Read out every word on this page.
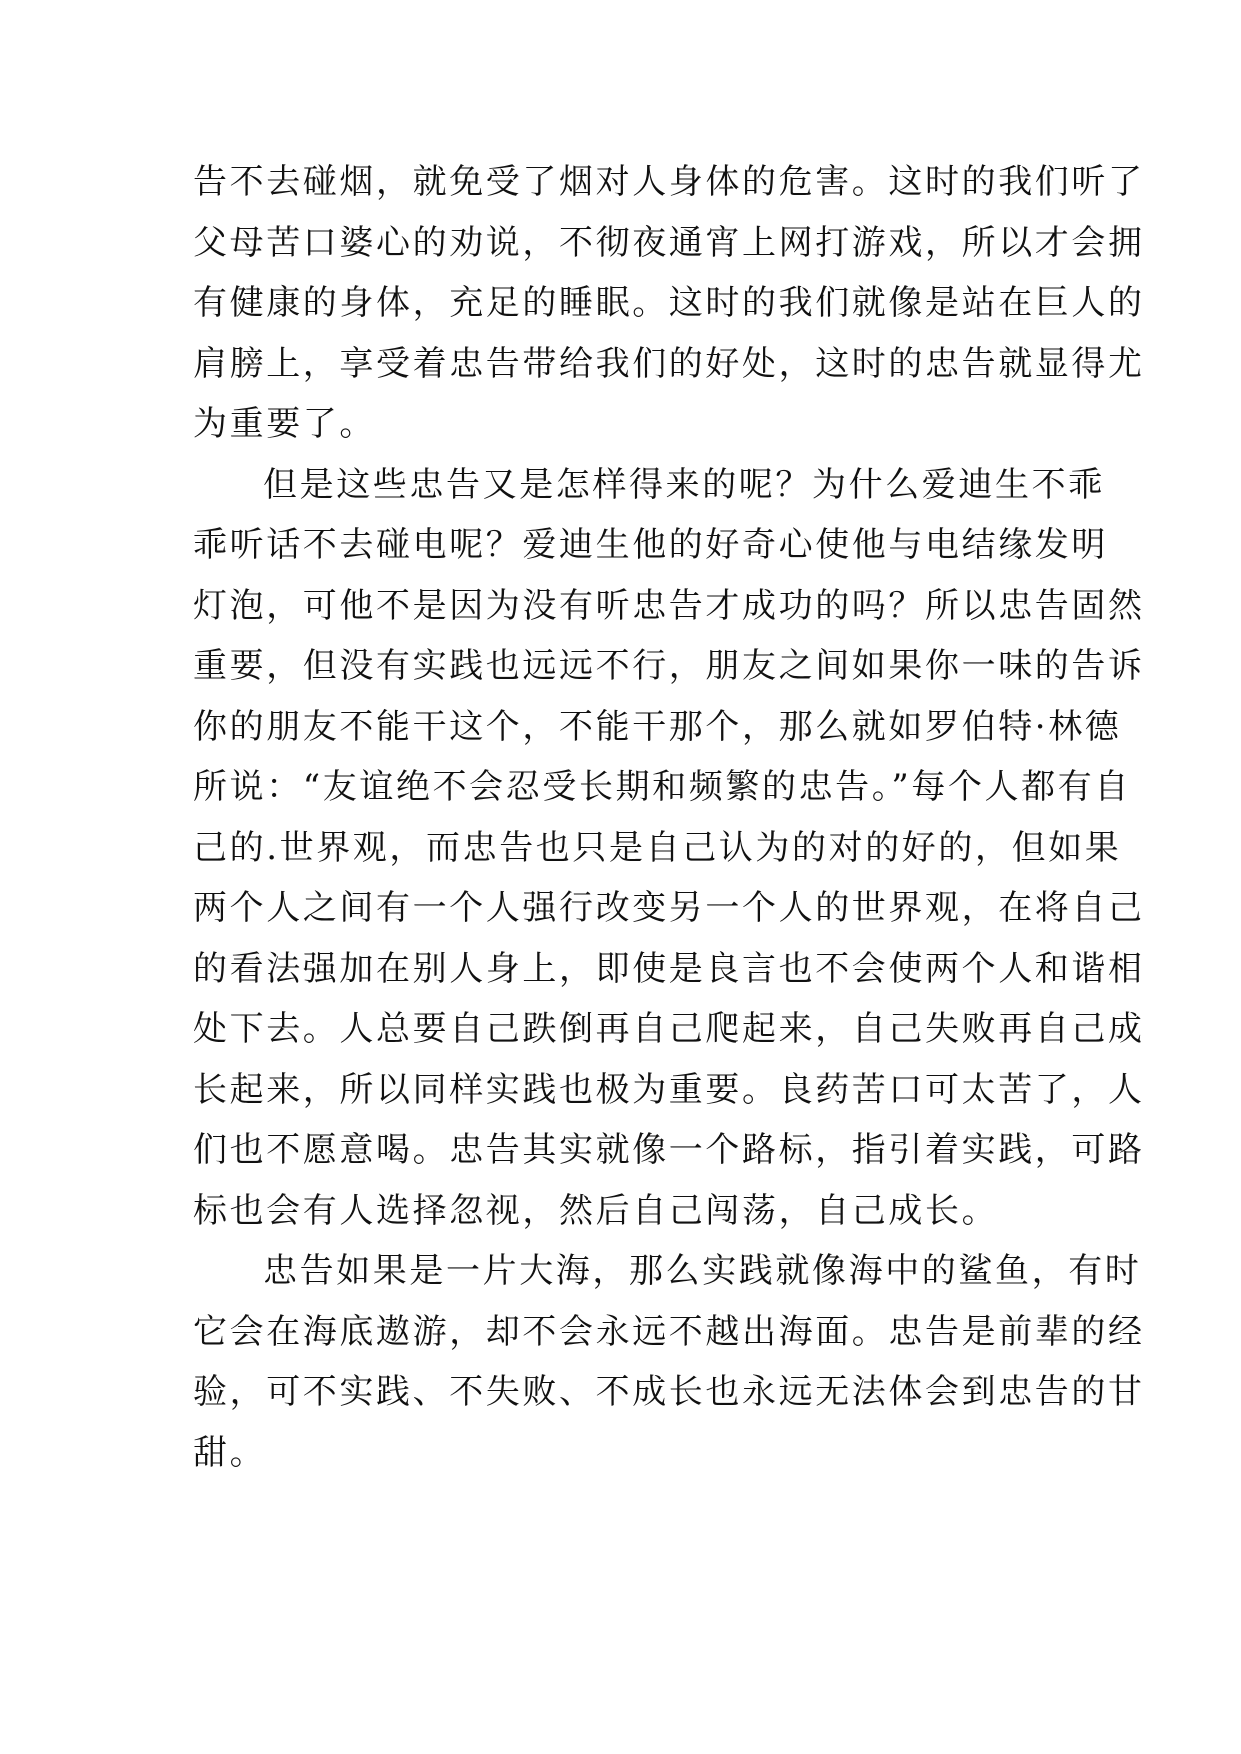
告不去碰烟，就免受了烟对人身体的危害。这时的我们听了
父母苦口婆心的劝说，不彻夜通宵上网打游戏，所以才会拥
有健康的身体，充足的睡眠。这时的我们就像是站在巨人的
肩膀上，享受着忠告带给我们的好处，这时的忠告就显得尤
为重要了。
但是这些忠告又是怎样得来的呢？为什么爱迪生不乖
乖听话不去碰电呢？爱迪生他的好奇心使他与电结缘发明
灯泡，可他不是因为没有听忠告才成功的吗？所以忠告固然
重要，但没有实践也远远不行，朋友之间如果你一味的告诉
你的朋友不能干这个，不能干那个，那么就如罗伯特·林德
所说：“友谊绝不会忍受长期和频繁的忠告。”每个人都有自
己的.世界观，而忠告也只是自己认为的对的好的，但如果
两个人之间有一个人强行改变另一个人的世界观，在将自己
的看法强加在别人身上，即使是良言也不会使两个人和谐相
处下去。人总要自己跌倒再自己爬起来，自己失败再自己成
长起来，所以同样实践也极为重要。良药苦口可太苦了，人
们也不愿意喝。忠告其实就像一个路标，指引着实践，可路
标也会有人选择忽视，然后自己闯荡，自己成长。
忠告如果是一片大海，那么实践就像海中的鲨鱼，有时
它会在海底遨游，却不会永远不越出海面。忠告是前辈的经
验，可不实践、不失败、不成长也永远无法体会到忠告的甘
甜。
